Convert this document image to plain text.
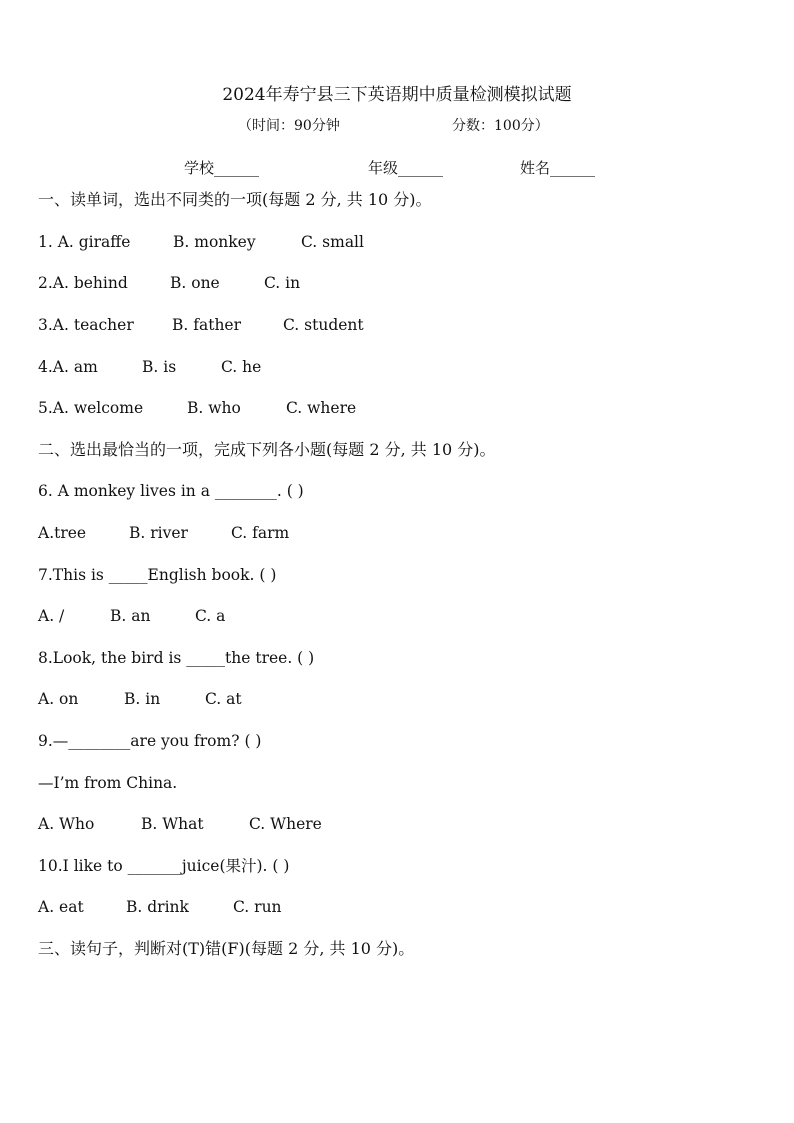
2024年寿宁县三下英语期中质量检测模拟试题
（时间：90分钟	分数：100分）
学校______	年级______	姓名______
一、读单词，选出不同类的一项(每题 2 分, 共 10 分)。
1. A. giraffe	B. monkey	C. small
2.A. behind	B. one	C. in
3.A. teacher B. father	C. student
4.A. am	B. is	C. he
5.A. welcome	B. who	C. where
二、选出最恰当的一项，完成下列各小题(每题 2 分, 共 10 分)。
6. A monkey lives in a ________. ( )
A.tree	B. river	C. farm
7.This is _____English book. ( )
A. /	B. an	C. a
8.Look, the bird is _____the tree. ( )
A. on	B. in	C. at
9.—________are you from? ( )
—I’m from China.
A. Who	B. What	C. Where
10.I like to _______juice(果汁). ( )
A. eat	B. drink	C. run
三、读句子，判断对(T)错(F)(每题 2 分, 共 10 分)。
